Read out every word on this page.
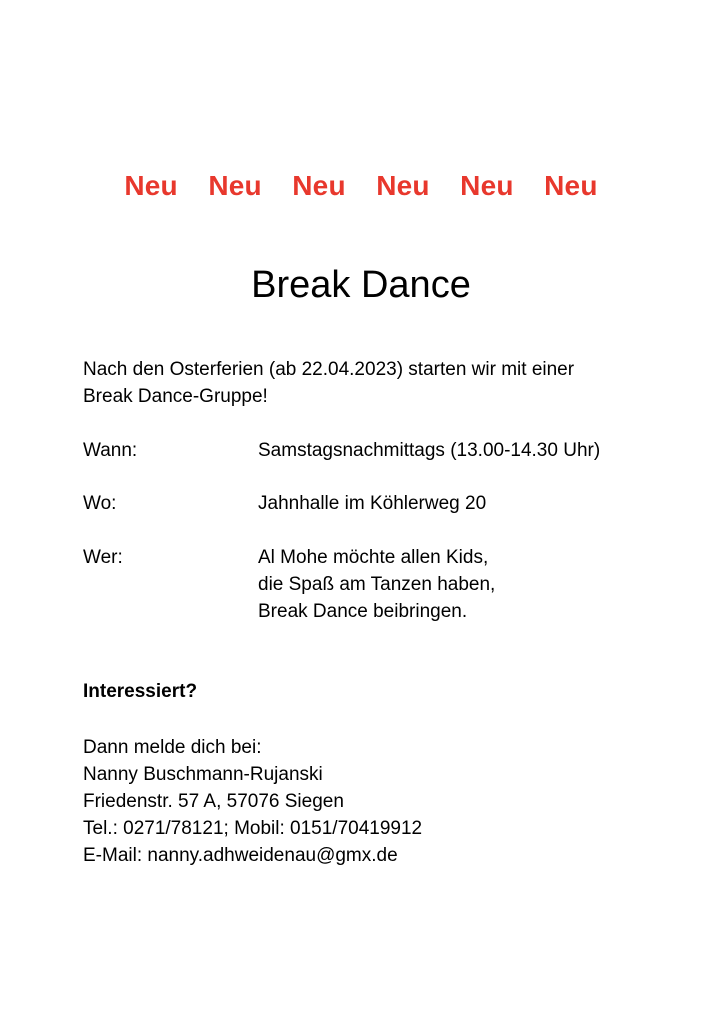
Neu Neu Neu Neu Neu Neu
Break Dance
Nach den Osterferien (ab 22.04.2023) starten wir mit einer
Break Dance-Gruppe!
Wann:	Samstagsnachmittags (13.00-14.30 Uhr)
Wo:	Jahnhalle im Köhlerweg 20
Wer:	Al Mohe möchte allen Kids,
die Spaß am Tanzen haben,
Break Dance beibringen.
Interessiert?
Dann melde dich bei:
Nanny Buschmann-Rujanski
Friedenstr. 57 A, 57076 Siegen
Tel.: 0271/78121; Mobil: 0151/70419912
E-Mail: nanny.adhweidenau@gmx.de
